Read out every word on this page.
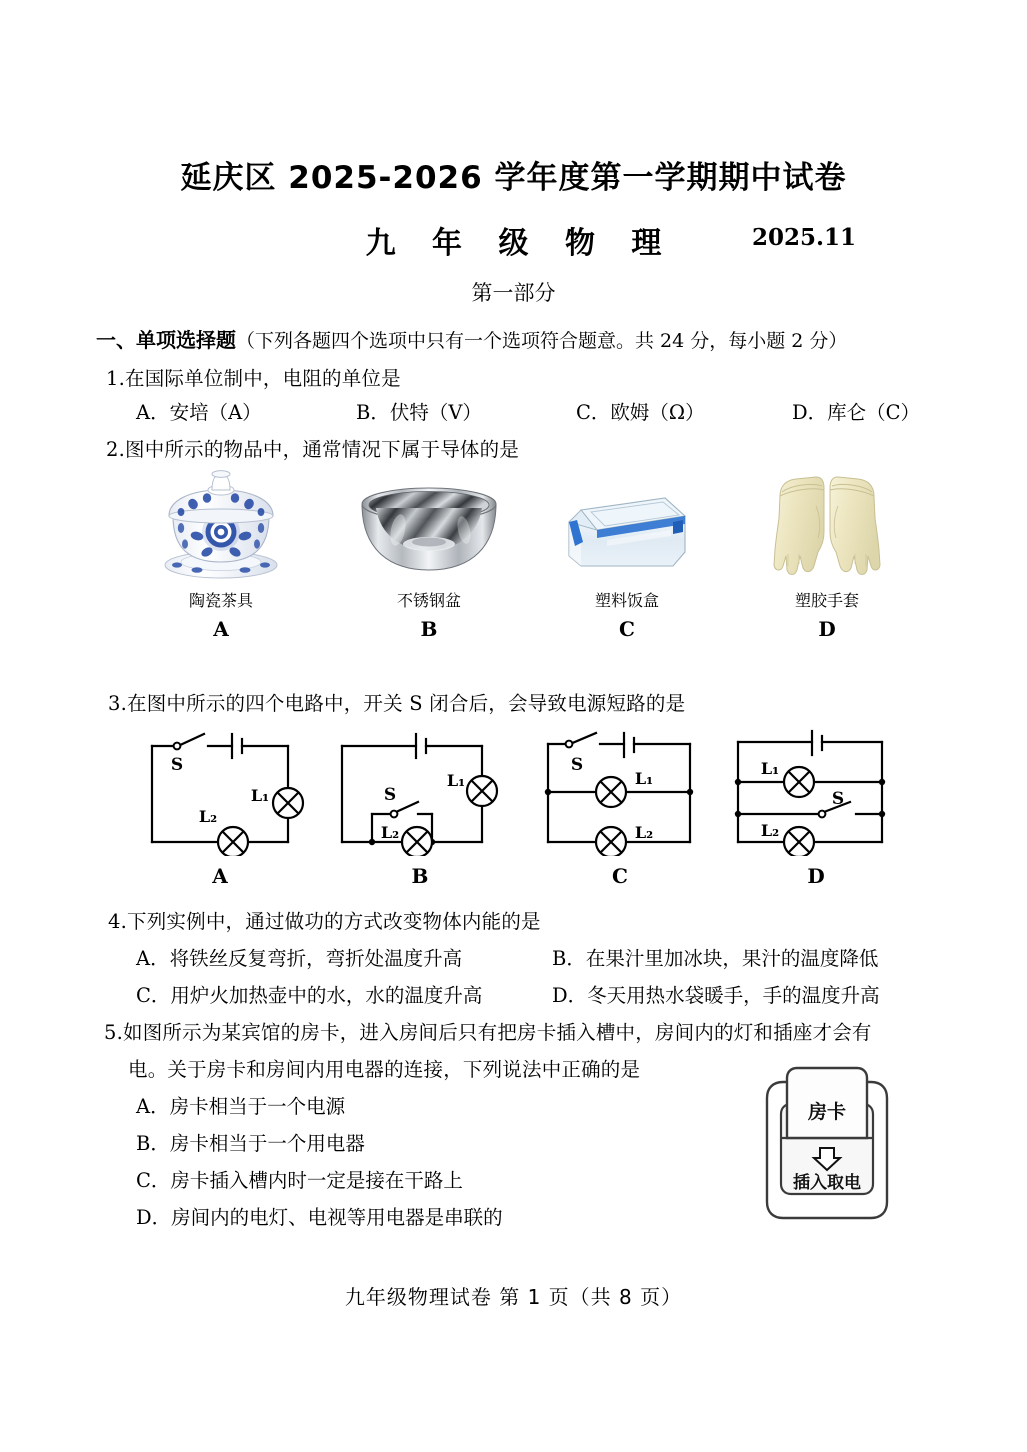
延庆区 2025-2026 学年度第一学期期中试卷
九 年 级 物 理	2025.11
第一部分
一、单项选择题（下列各题四个选项中只有一个选项符合题意。共 24 分，每小题 2 分）
1.在国际单位制中，电阻的单位是
A．安培（A）	B．伏特（V）	C．欧姆（Ω）	D．库仑（C）
2.图中所示的物品中，通常情况下属于导体的是
陶瓷茶具
A
不锈钢盆
B
塑料饭盒
C
塑胶手套
D
3.在图中所示的四个电路中，开关 S 闭合后，会导致电源短路的是
S
L₁
L₂
A
S
L₁
L₂
B
S
L₁
L₂
C
S
L₁
L₂
D
4.下列实例中，通过做功的方式改变物体内能的是
A．将铁丝反复弯折，弯折处温度升高	B．在果汁里加冰块，果汁的温度降低
C．用炉火加热壶中的水，水的温度升高	D．冬天用热水袋暖手，手的温度升高
5.如图所示为某宾馆的房卡，进入房间后只有把房卡插入槽中，房间内的灯和插座才会有
电。关于房卡和房间内用电器的连接，下列说法中正确的是
A．房卡相当于一个电源
B．房卡相当于一个用电器
C．房卡插入槽内时一定是接在干路上
D．房间内的电灯、电视等用电器是串联的
房卡
插入取电
九年级物理试卷 第 1 页（共 8 页）
